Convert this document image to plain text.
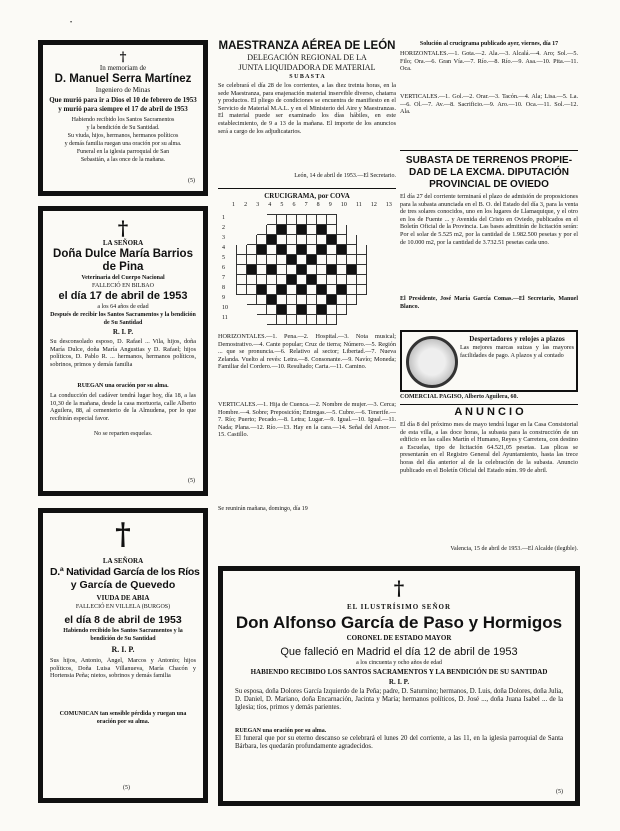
•
†
In memoriam de
D. Manuel Serra Martínez
Ingeniero de Minas
Que murió para ir a Dios el 10 de febrero de 1953 y murió para siempre el 17 de abril de 1953
Habiendo recibido los Santos Sacramentos
y la bendición de Su Santidad.
Su viuda, hijos, hermanos, hermanos políticos
y demás familia ruegan una oración por su alma.
Funeral en la iglesia parroquial de San
Sebastián, a las once de la mañana.
(5)
†
LA SEÑORA
Doña Dulce María Barrios
de Pina
Veterinaria del Cuerpo Nacional
FALLECIÓ EN BILBAO
el día 17 de abril de 1953
a los 64 años de edad
Después de recibir los Santos Sacramentos y la bendición de Su Santidad
R. I. P.
Su desconsolado esposo, D. Rafael ... Vila, hijos, doña María Dulce, doña María Angustias y D. Rafael; hijos políticos, D. Pablo R. ... hermanos, hermanos políticos, sobrinos, primos y demás familia
RUEGAN una oración por su alma.
La conducción del cadáver tendrá lugar hoy, día 18, a las 10,30 de la mañana, desde la casa mortuoria, calle Alberto Aguilera, 88, al cementerio de la Almudena, por lo que recibirán especial favor.
No se reparten esquelas.
(5)
†
LA SEÑORA
D.ª Natividad García de los Ríos
y García de Quevedo
VIUDA DE ABIA
FALLECIÓ EN VILLELA (BURGOS)
el día 8 de abril de 1953
Habiendo recibido los Santos Sacramentos y la bendición de Su Santidad
R. I. P.
Sus hijos, Antonio, Ángel, Marcos y Antonio; hijos políticos, Doña Luisa Villanueva, María Chacón y Hortensia Peña; nietos, sobrinos y demás familia
COMUNICAN tan sensible pérdida y ruegan una oración por su alma.
(5)
MAESTRANZA AÉREA DE LEÓN
DELEGACIÓN REGIONAL DE LA
JUNTA LIQUIDADORA DE MATERIAL
S U B A S T A
Se celebrará el día 28 de los corrientes, a las diez treinta horas, en la sede Maestranza, para enajenación material inservible diverso, chatarra y productos. El pliego de condiciones se encuentra de manifiesto en el Servicio de Material M.A.L. y en el Ministerio del Aire y Maestranzas. El material puede ser examinado los días hábiles, en este establecimiento, de 9 a 13 de la mañana. El importe de los anuncios será a cargo de los adjudicatarios.
León, 14 de abril de 1953.—El Secretario.
CRUCIGRAMA, por COVA
1 2 3 4 5 6 7 8 9 10 11 12 13
1
2
3
4
5
6
7
8
9
10
11

HORIZONTALES.—1. Pena.—2. Hospital.—3. Nota musical; Demostrativo.—4. Cante popular; Cruz de tierra; Número.—5. Región ... que se pronuncia.—6. Relativo al sector; Libertad.—7. Nueva Zelanda. Vuelto al revés: Letra.—8. Consonante.—9. Navío; Moneda; Familiar del Cordero.—10. Resultado; Carta.—11. Camino.
VERTICALES.—1. Hija de Cuenca.—2. Nombre de mujer.—3. Cerca; Hombre.—4. Sobre; Preposición; Entregas.—5. Cubre.—6. Tenerife.—7. Río; Puerto; Pecado.—8. Letra; Lugar.—9. Igual.—10. Igual.—11. Nada; Plana.—12. Río.—13. Hay en la cara.—14. Señal del Amor.—15. Castillo.
Se reunirán mañana, domingo, día 19
Solución al crucigrama publicado ayer, viernes, día 17
HORIZONTALES.—1. Gota.—2. Ala.—3. Alcalá.—4. Aro; Sol.—5. Filo; Ora.—6. Gran Vía.—7. Río.—8. Río.—9. Asa.—10. Pita.—11. Oca.
VERTICALES.—1. Gol.—2. Orar.—3. Tacón.—4. Ala; Lisa.—5. La.—6. Ol.—7. Av.—8. Sacrificio.—9. Aro.—10. Oca.—11. Sol.—12. Ala.
SUBASTA DE TERRENOS PROPIE-
DAD DE LA EXCMA. DIPUTACIÓN
PROVINCIAL DE OVIEDO
El día 27 del corriente terminará el plazo de admisión de proposiciones para la subasta anunciada en el B. O. del Estado del día 3, para la venta de tres solares conocidos, uno en los lugares de Llamaquique, y el otro en los de Fuente ... y Avenida del Cristo en Oviedo, publicados en el Boletín Oficial de la Provincia. Las bases admitirán de licitación serán: Por el solar de 5.525 m2, por la cantidad de 1.982.500 pesetas y por el de 10.000 m2, por la cantidad de 3.732.51 pesetas cada uno.
El Presidente, José María García Comas.—El Secretario, Manuel Blanco.
Despertadores y relojes a plazos
Las mejores marcas suizas y las mayores facilidades de pago. A plazos y al contado
COMERCIAL PAGISO, Alberto Aguilera, 60.
A N U N C I O
El día 8 del próximo mes de mayo tendrá lugar en la Casa Consistorial de esta villa, a las doce horas, la subasta para la construcción de un edificio en las calles Martín el Humano, Reyes y Carretera, con destino a Escuelas, tipo de licitación 64.521,05 pesetas. Las plicas se presentarán en el Registro General del Ayuntamiento, hasta las trece horas del día anterior al de la celebración de la subasta. Anuncio publicado en el Boletín Oficial del Estado núm. 99 de abril.
Valencia, 15 de abril de 1953.—El Alcalde (ilegible).
†
EL ILUSTRÍSIMO SEÑOR
Don Alfonso García de Paso y Hormigos
CORONEL DE ESTADO MAYOR
Que falleció en Madrid el día 12 de abril de 1953
a los cincuenta y ocho años de edad
HABIENDO RECIBIDO LOS SANTOS SACRAMENTOS Y LA BENDICIÓN DE SU SANTIDAD
R. I. P.
Su esposa, doña Dolores García Izquierdo de la Peña; padre, D. Saturnino; hermanos, D. Luis, doña Dolores, doña Julia, D. Daniel, D. Mariano, doña Encarnación, Jacinta y María; hermanos políticos, D. José ..., doña Juana Isabel ... de la Iglesia; tíos, primos y demás parientes.
RUEGAN una oración por su alma.
El funeral que por su eterno descanso se celebrará el lunes 20 del corriente, a las 11, en la iglesia parroquial de Santa Bárbara, les quedarán profundamente agradecidos.
(5)
